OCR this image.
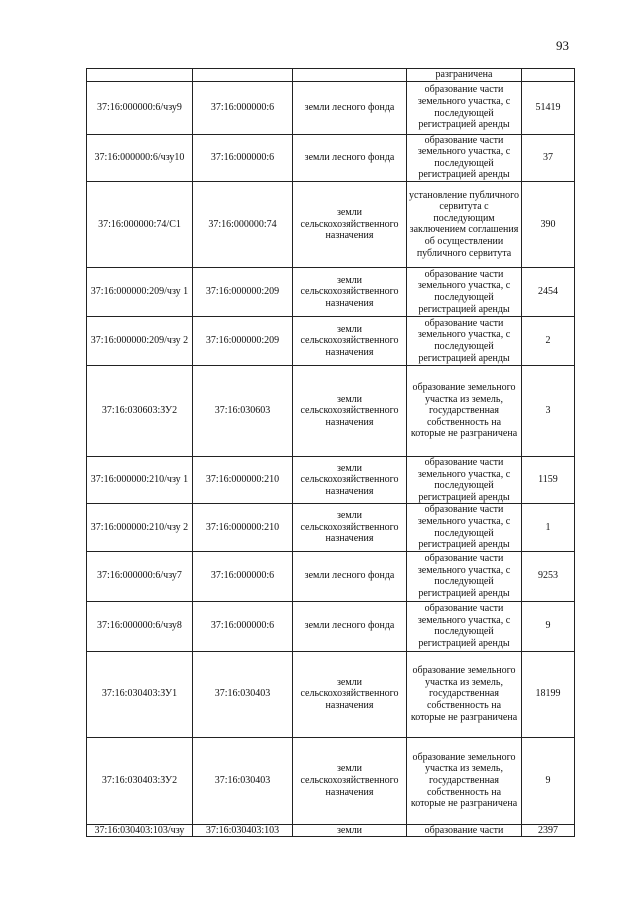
93
			разграничена	
37:16:000000:6/чзу9	37:16:000000:6	земли лесного фонда	образование части земельного участка, с последующей регистрацией аренды	51419
37:16:000000:6/чзу10	37:16:000000:6	земли лесного фонда	образование части земельного участка, с последующей регистрацией аренды	37
37:16:000000:74/С1	37:16:000000:74	земли сельскохозяйственного назначения	установление публичного сервитута с последующим заключением соглашения об осуществлении публичного сервитута	390
37:16:000000:209/чзу 1	37:16:000000:209	земли сельскохозяйственного назначения	образование части земельного участка, с последующей регистрацией аренды	2454
37:16:000000:209/чзу 2	37:16:000000:209	земли сельскохозяйственного назначения	образование части земельного участка, с последующей регистрацией аренды	2
37:16:030603:ЗУ2	37:16:030603	земли сельскохозяйственного назначения	образование земельного участка из земель, государственная собственность на которые не разграничена	3
37:16:000000:210/чзу 1	37:16:000000:210	земли сельскохозяйственного назначения	образование части земельного участка, с последующей регистрацией аренды	1159
37:16:000000:210/чзу 2	37:16:000000:210	земли сельскохозяйственного назначения	образование части земельного участка, с последующей регистрацией аренды	1
37:16:000000:6/чзу7	37:16:000000:6	земли лесного фонда	образование части земельного участка, с последующей регистрацией аренды	9253
37:16:000000:6/чзу8	37:16:000000:6	земли лесного фонда	образование части земельного участка, с последующей регистрацией аренды	9
37:16:030403:ЗУ1	37:16:030403	земли сельскохозяйственного назначения	образование земельного участка из земель, государственная собственность на которые не разграничена	18199
37:16:030403:ЗУ2	37:16:030403	земли сельскохозяйственного назначения	образование земельного участка из земель, государственная собственность на которые не разграничена	9
37:16:030403:103/чзу	37:16:030403:103	земли	образование части	2397
